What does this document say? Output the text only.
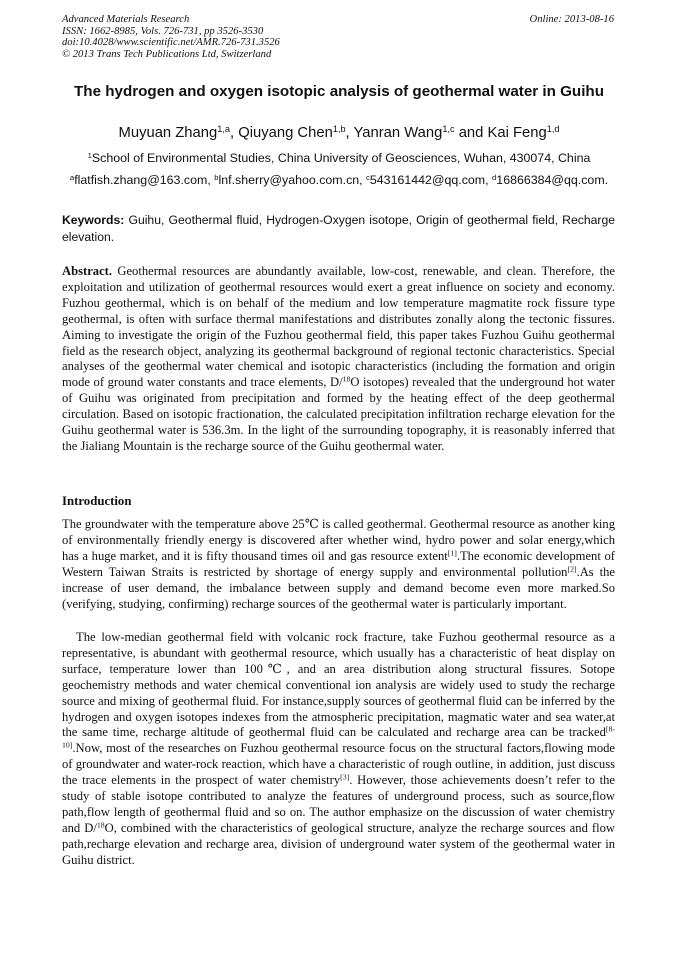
Advanced Materials Research
ISSN: 1662-8985, Vols. 726-731, pp 3526-3530
doi:10.4028/www.scientific.net/AMR.726-731.3526
© 2013 Trans Tech Publications Ltd, Switzerland
Online: 2013-08-16
The hydrogen and oxygen isotopic analysis of geothermal water in Guihu
Muyuan Zhang$^{1,a}$, Qiuyang Chen$^{1,b}$, Yanran Wang$^{1,c}$ and Kai Feng$^{1,d}$
$^1$School of Environmental Studies, China University of Geosciences, Wuhan, 430074, China
$^a$flatfish.zhang@163.com, $^b$lnf.sherry@yahoo.com.cn, $^c$543161442@qq.com, $^d$16866384@qq.com.
Keywords: Guihu, Geothermal fluid, Hydrogen-Oxygen isotope, Origin of geothermal field, Recharge elevation.
Abstract. Geothermal resources are abundantly available, low-cost, renewable, and clean. Therefore, the exploitation and utilization of geothermal resources would exert a great influence on society and economy. Fuzhou geothermal, which is on behalf of the medium and low temperature magmatite rock fissure type geothermal, is often with surface thermal manifestations and distributes zonally along the tectonic fissures. Aiming to investigate the origin of the Fuzhou geothermal field, this paper takes Fuzhou Guihu geothermal field as the research object, analyzing its geothermal background of regional tectonic characteristics. Special analyses of the geothermal water chemical and isotopic characteristics (including the formation and origin mode of ground water constants and trace elements, D/$^{18}$O isotopes) revealed that the underground hot water of Guihu was originated from precipitation and formed by the heating effect of the deep geothermal circulation. Based on isotopic fractionation, the calculated precipitation infiltration recharge elevation for the Guihu geothermal water is 536.3m. In the light of the surrounding topography, it is reasonably inferred that the Jialiang Mountain is the recharge source of the Guihu geothermal water.
Introduction
The groundwater with the temperature above 25℃ is called geothermal. Geothermal resource as another king of environmentally friendly energy is discovered after whether wind, hydro power and solar energy,which has a huge market, and it is fifty thousand times oil and gas resource extent[1].The economic development of Western Taiwan Straits is restricted by shortage of energy supply and environmental pollution[2].As the increase of user demand, the imbalance between supply and demand become even more marked.So (verifying, studying, confirming) recharge sources of the geothermal water is particularly important.
The low-median geothermal field with volcanic rock fracture, take Fuzhou geothermal resource as a representative, is abundant with geothermal resource, which usually has a characteristic of heat display on surface, temperature lower than 100℃, and an area distribution along structural fissures. Sotope geochemistry methods and water chemical conventional ion analysis are widely used to study the recharge source and mixing of geothermal fluid. For instance,supply sources of geothermal fluid can be inferred by the hydrogen and oxygen isotopes indexes from the atmospheric precipitation, magmatic water and sea water,at the same time, recharge altitude of geothermal fluid can be calculated and recharge area can be tracked[8-10].Now, most of the researches on Fuzhou geothermal resource focus on the structural factors,flowing mode of groundwater and water-rock reaction, which have a characteristic of rough outline, in addition, just discuss the trace elements in the prospect of water chemistry[3]. However, those achievements doesn’t refer to the study of stable isotope contributed to analyze the features of underground process, such as source,flow path,flow length of geothermal fluid and so on. The author emphasize on the discussion of water chemistry and D/$^{18}$O, combined with the characteristics of geological structure, analyze the recharge sources and flow path,recharge elevation and recharge area, division of underground water system of the geothermal water in Guihu district.
